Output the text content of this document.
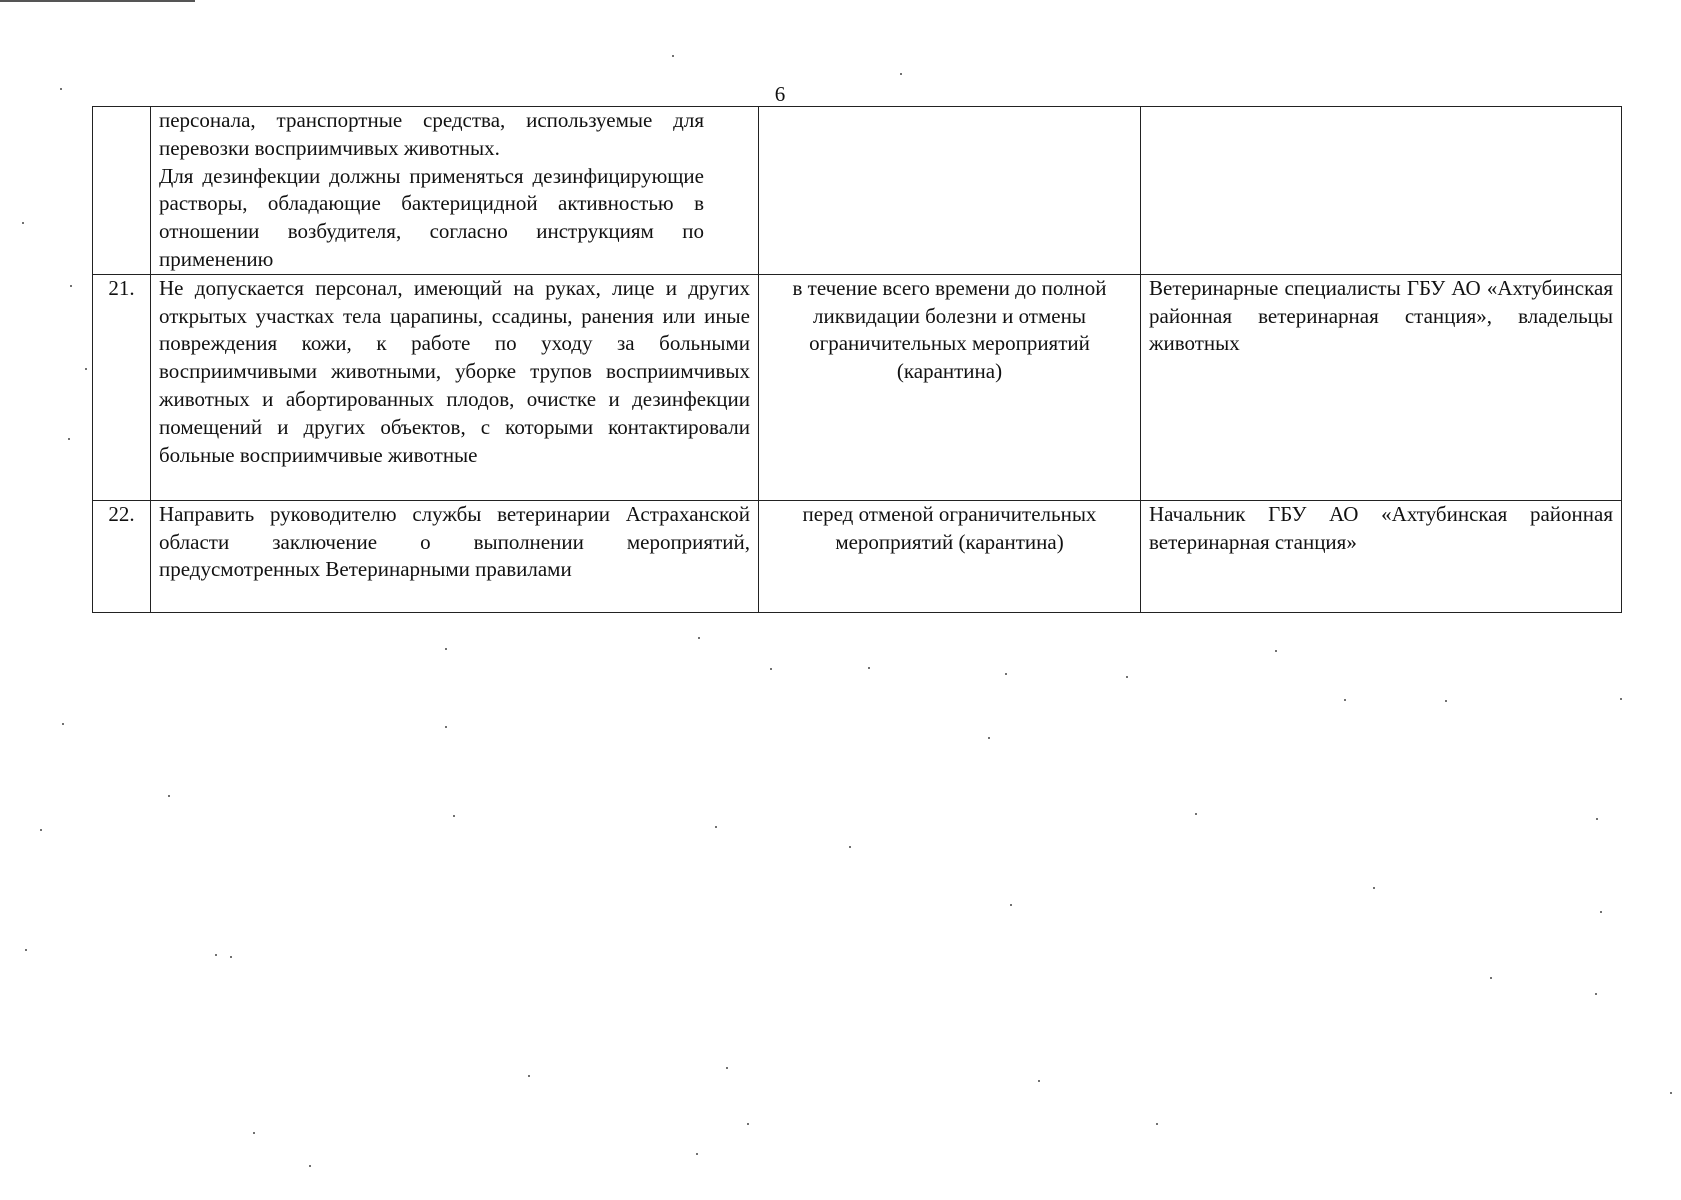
6

	персонала, транспортные средства, используемые для перевозки восприимчивых животных.
Для дезинфекции должны применяться дезинфицирующие растворы, обладающие бактерицидной активностью в отношении возбудителя, согласно инструкциям по применению		

21.	Не допускается персонал, имеющий на руках, лице и других открытых участках тела царапины, ссадины, ранения или иные повреждения кожи, к работе по уходу за больными восприимчивыми животными, уборке трупов восприимчивых животных и абортированных плодов, очистке и дезинфекции помещений и других объектов, с которыми контактировали больные восприимчивые животные	в течение всего времени до полной ликвидации болезни и отмены ограничительных мероприятий (карантина)	Ветеринарные специалисты ГБУ АО «Ахтубинская районная ветеринарная станция», владельцы животных

22.	Направить руководителю службы ветеринарии Астраханской области заключение о выполнении мероприятий, предусмотренных Ветеринарными правилами	перед отменой ограничительных мероприятий (карантина)	Начальник ГБУ АО «Ахтубинская районная ветеринарная станция»
